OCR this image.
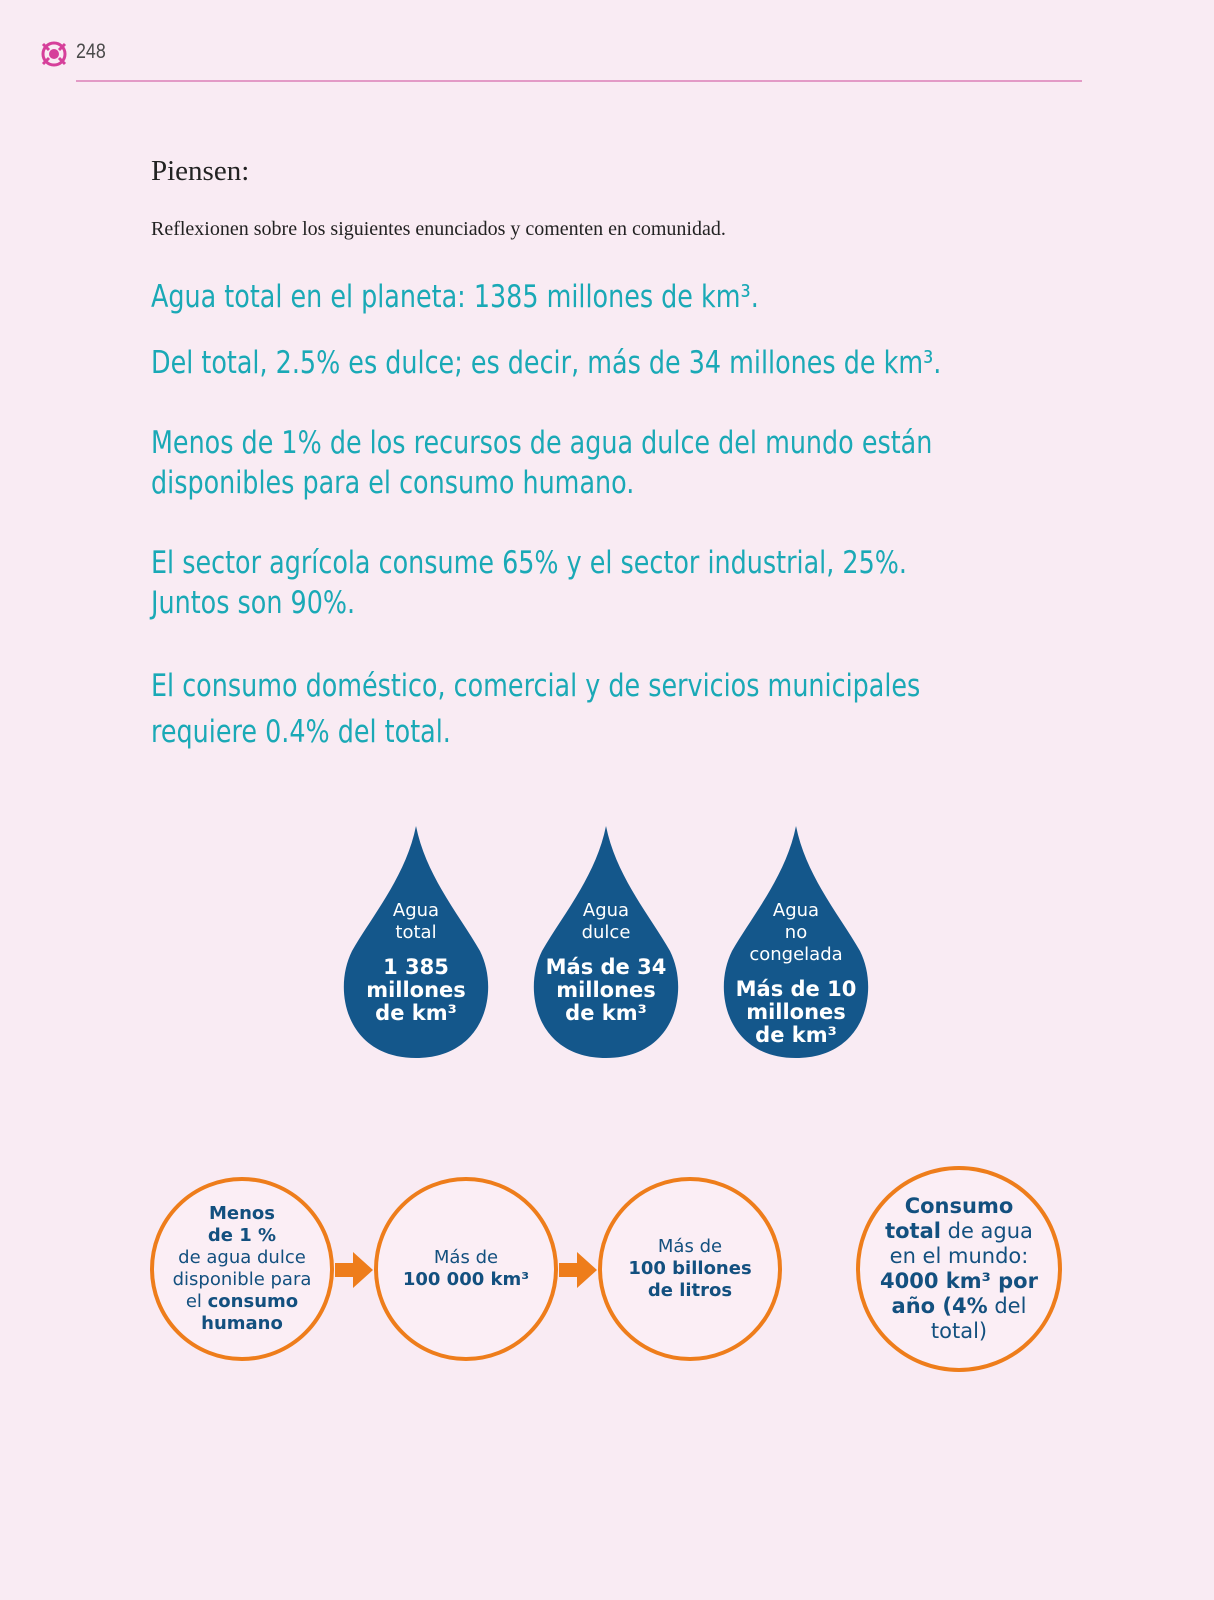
248
Piensen:
Reflexionen sobre los siguientes enunciados y comenten en comunidad.
Agua total en el planeta: 1385 millones de km³.
Del total, 2.5% es dulce; es decir, más de 34 millones de km³.
Menos de 1% de los recursos de agua dulce del mundo están
disponibles para el consumo humano.
El sector agrícola consume 65% y el sector industrial, 25%.
Juntos son 90%.
El consumo doméstico, comercial y de servicios municipales
requiere 0.4% del total.
Agua
total
1 385
millones
de km³
Agua
dulce
Más de 34
millones
de km³
Agua
no
congelada
Más de 10
millones
de km³
Menos
de 1 %
de agua dulce
disponible para
el consumo
humano
Más de
100 000 km³
Más de
100 billones
de litros
Consumo
total de agua
en el mundo:
4000 km³ por
año (4% del
total)
